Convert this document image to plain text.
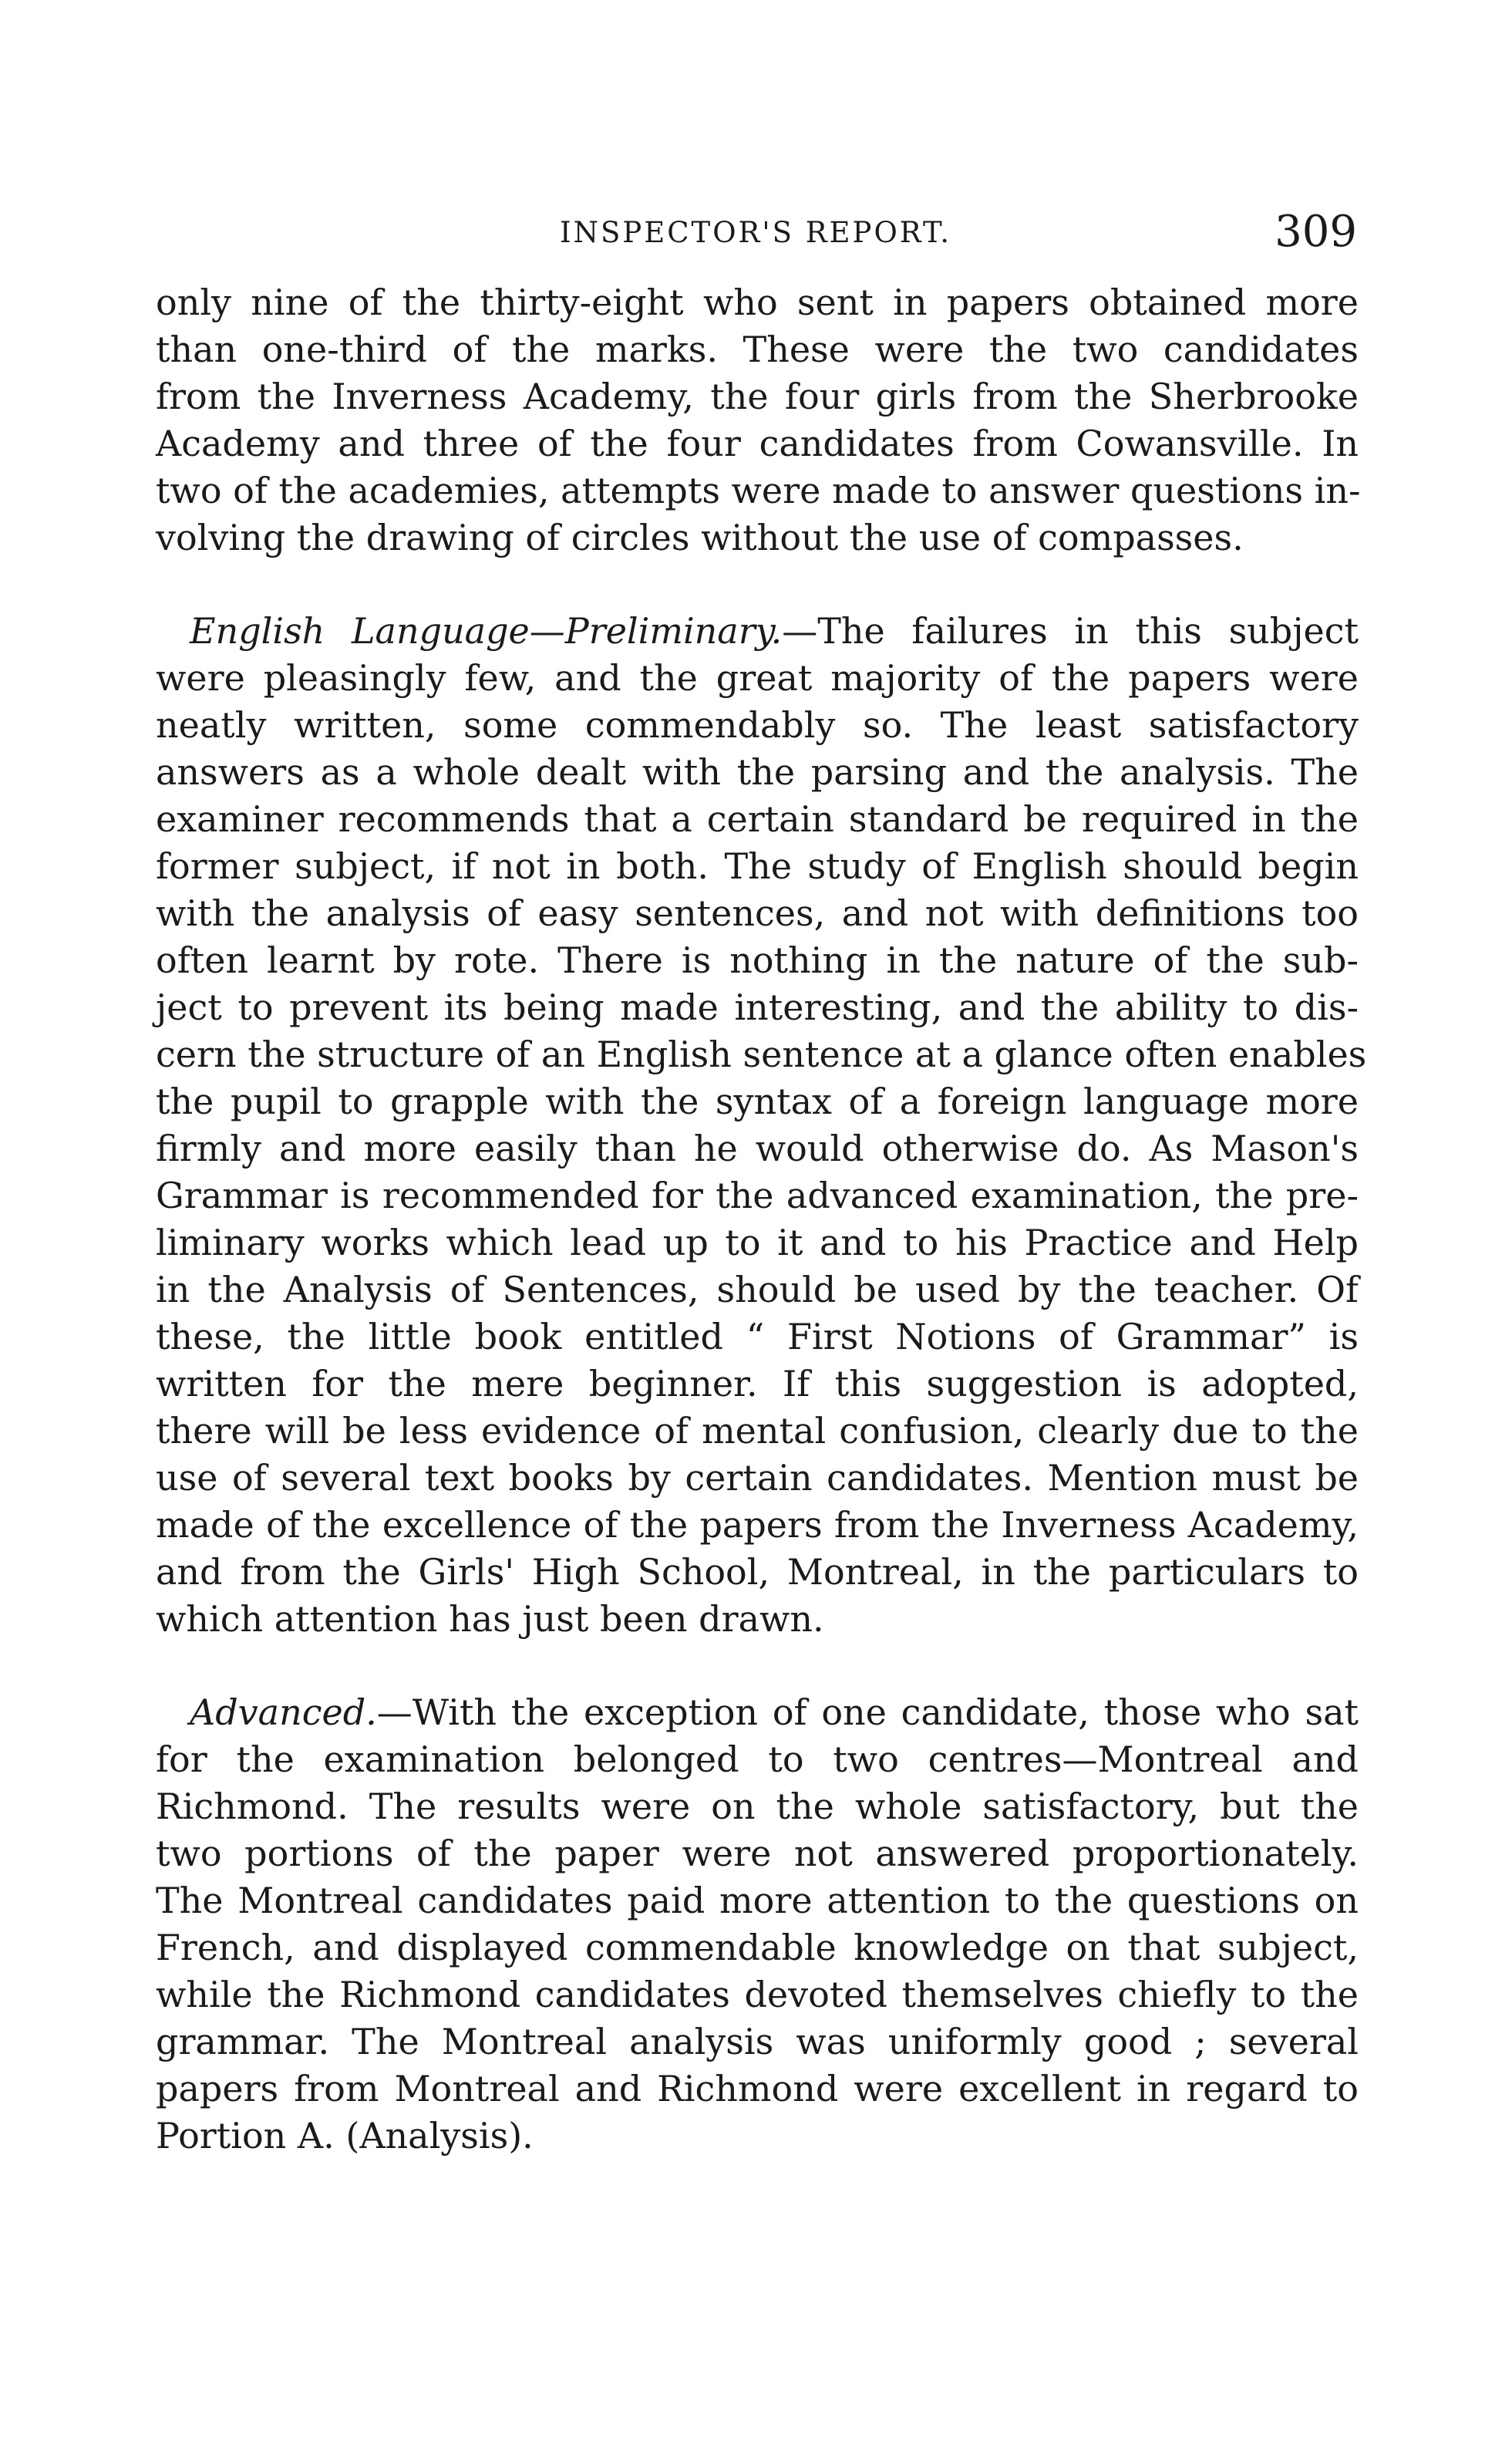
INSPECTOR'S REPORT.	309
only nine of the thirty-eight who sent in papers obtained more
than one-third of the marks. These were the two candidates
from the Inverness Academy, the four girls from the Sherbrooke
Academy and three of the four candidates from Cowansville. In
two of the academies, attempts were made to answer questions in-
volving the drawing of circles without the use of compasses.
English Language—Preliminary.—The failures in this subject
were pleasingly few, and the great majority of the papers were
neatly written, some commendably so. The least satisfactory
answers as a whole dealt with the parsing and the analysis. The
examiner recommends that a certain standard be required in the
former subject, if not in both. The study of English should begin
with the analysis of easy sentences, and not with definitions too
often learnt by rote. There is nothing in the nature of the sub-
ject to prevent its being made interesting, and the ability to dis-
cern the structure of an English sentence at a glance often enables
the pupil to grapple with the syntax of a foreign language more
firmly and more easily than he would otherwise do. As Mason's
Grammar is recommended for the advanced examination, the pre-
liminary works which lead up to it and to his Practice and Help
in the Analysis of Sentences, should be used by the teacher. Of
these, the little book entitled “ First Notions of Grammar” is
written for the mere beginner. If this suggestion is adopted,
there will be less evidence of mental confusion, clearly due to the
use of several text books by certain candidates. Mention must be
made of the excellence of the papers from the Inverness Academy,
and from the Girls' High School, Montreal, in the particulars to
which attention has just been drawn.
Advanced.—With the exception of one candidate, those who sat
for the examination belonged to two centres—Montreal and
Richmond. The results were on the whole satisfactory, but the
two portions of the paper were not answered proportionately.
The Montreal candidates paid more attention to the questions on
French, and displayed commendable knowledge on that subject,
while the Richmond candidates devoted themselves chiefly to the
grammar. The Montreal analysis was uniformly good ; several
papers from Montreal and Richmond were excellent in regard to
Portion A. (Analysis).
